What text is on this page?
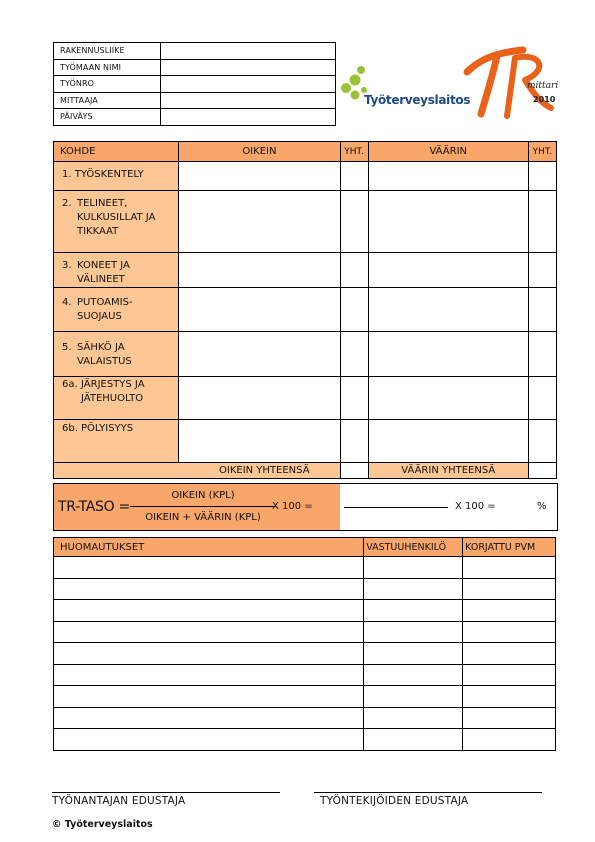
RAKENNUSLIIKE	
TYÖMAAN NIMI	
TYÖNRO	
MITTAAJA	
PÄIVÄYS	
Työterveyslaitos
mittari
2010
KOHDE	OIKEIN	YHT.	VÄÄRIN	YHT.
1. TYÖSKENTELY				

2. TELINEET, KULKUSILLAT JA TIKKAAT				

3. KONEET JA VÄLINEET				

4. PUTOAMIS-SUOJAUS				

5. SÄHKÖ JA VALAISTUS				

6a. JÄRJESTYS JA JÄTEHUOLTO				

6b. PÖLYISYYS				

OIKEIN YHTEENSÄ			VÄÄRIN YHTEENSÄ	
TR-TASO =
OIKEIN (KPL)
OIKEIN + VÄÄRIN (KPL)
X 100 =	X 100 =	%
HUOMAUTUKSET	VASTUUHENKILÖ	KORJATTU PVM

TYÖNANTAJAN EDUSTAJA	TYÖNTEKIJÖIDEN EDUSTAJA
© Työterveyslaitos
